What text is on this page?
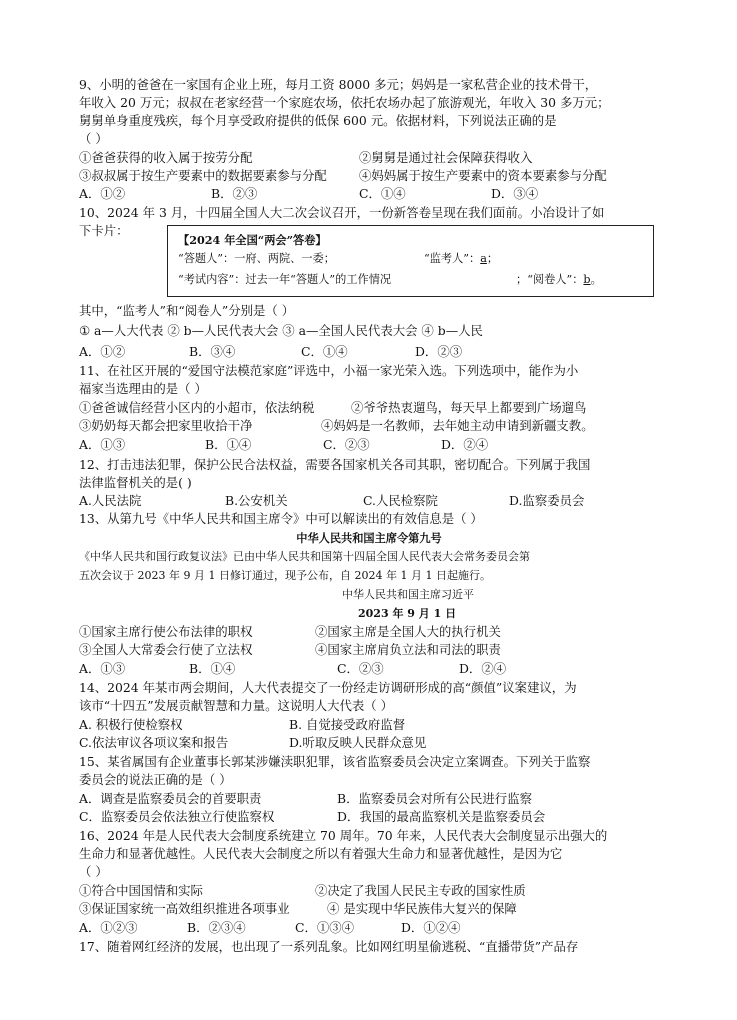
9、小明的爸爸在一家国有企业上班，每月工资 8000 多元；妈妈是一家私营企业的技术骨干，
年收入 20 万元；叔叔在老家经营一个家庭农场，依托农场办起了旅游观光，年收入 30 多万元；
舅舅单身重度残疾，每个月享受政府提供的低保 600 元。依据材料，下列说法正确的是
（ ）
①爸爸获得的收入属于按劳分配	②舅舅是通过社会保障获得收入
③叔叔属于按生产要素中的数据要素参与分配	④妈妈属于按生产要素中的资本要素参与分配
A．①②	B．②③	C．①④	D．③④
10、2024 年 3 月，十四届全国人大二次会议召开，一份新答卷呈现在我们面前。小冶设计了如
下卡片：
【2024 年全国“两会”答卷】
“答题人”：一府、两院、一委；	“监考人”：a；
“考试内容”：过去一年“答题人”的工作情况	；“阅卷人”：b。
其中，“监考人”和“阅卷人”分别是（ ）
① a—人大代表 ② b—人民代表大会 ③ a—全国人民代表大会 ④ b—人民
A．①②	B．③④	C．①④	D．②③
11、在社区开展的“爱国守法模范家庭”评选中，小福一家光荣入选。下列选项中，能作为小
福家当选理由的是（ ）
①爸爸诚信经营小区内的小超市，依法纳税	②爷爷热衷遛鸟，每天早上都要到广场遛鸟
③奶奶每天都会把家里收拾干净	④妈妈是一名教师，去年她主动申请到新疆支教。
A．①③	B．①④	C．②③	D．②④
12、打击违法犯罪，保护公民合法权益，需要各国家机关各司其职，密切配合。下列属于我国
法律监督机关的是( )
A.人民法院	B.公安机关	C.人民检察院	D.监察委员会
13、从第九号《中华人民共和国主席令》中可以解读出的有效信息是（ ）
中华人民共和国主席令第九号
《中华人民共和国行政复议法》已由中华人民共和国第十四届全国人民代表大会常务委员会第
五次会议于 2023 年 9 月 1 日修订通过，现予公布，自 2024 年 1 月 1 日起施行。
中华人民共和国主席习近平
2023 年 9 月 1 日
①国家主席行使公布法律的职权	②国家主席是全国人大的执行机关
③全国人大常委会行使了立法权	④国家主席肩负立法和司法的职责
A．①③	B．①④	C．②③	D．②④
14、2024 年某市两会期间，人大代表提交了一份经走访调研形成的高“颜值”议案建议，为
该市“十四五”发展贡献智慧和力量。这说明人大代表（ ）
A. 积极行使检察权	B. 自觉接受政府监督
C.依法审议各项议案和报告	D.听取反映人民群众意见
15、某省属国有企业董事长郭某涉嫌渎职犯罪，该省监察委员会决定立案调查。下列关于监察
委员会的说法正确的是（ ）
A．调查是监察委员会的首要职责	B．监察委员会对所有公民进行监察
C．监察委员会依法独立行使监察权	D．我国的最高监察机关是监察委员会
16、2024 年是人民代表大会制度系统建立 70 周年。70 年来，人民代表大会制度显示出强大的
生命力和显著优越性。人民代表大会制度之所以有着强大生命力和显著优越性，是因为它
（ ）
①符合中国国情和实际	②决定了我国人民民主专政的国家性质
③保证国家统一高效组织推进各项事业	④ 是实现中华民族伟大复兴的保障
A．①②③	B．②③④	C．①③④	D．①②④
17、随着网红经济的发展，也出现了一系列乱象。比如网红明星偷逃税、“直播带货”产品存
